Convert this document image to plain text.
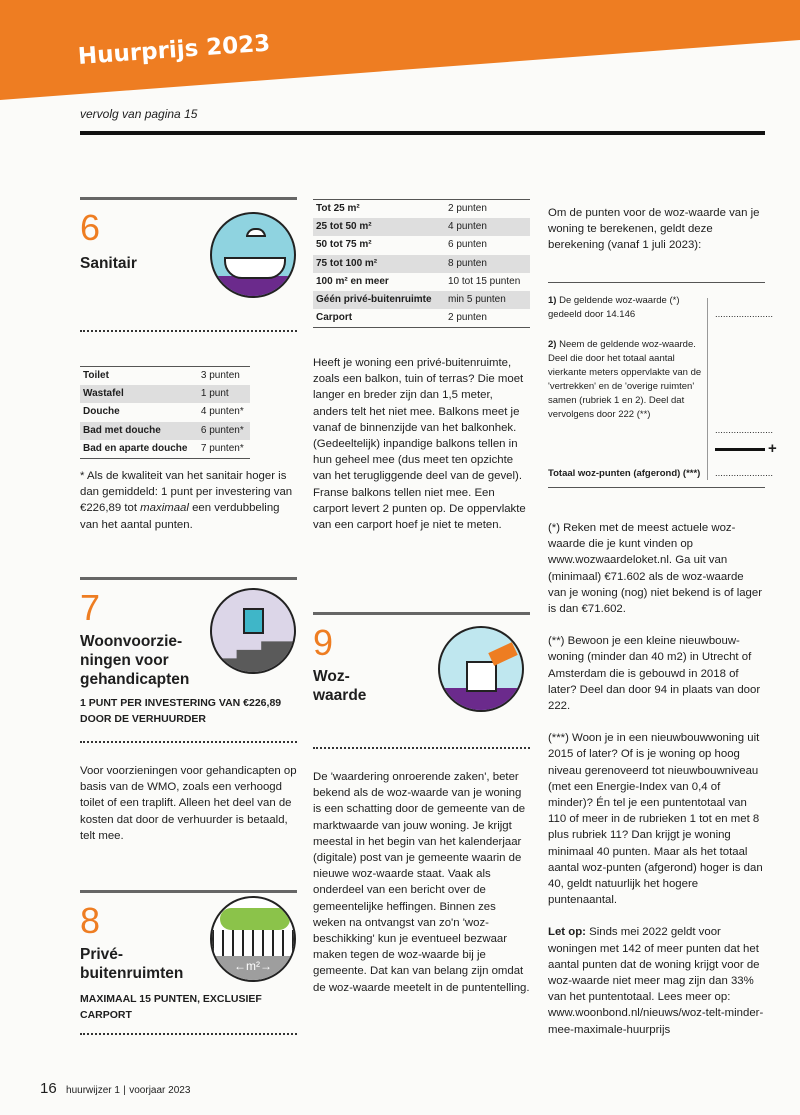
Huurprijs 2023
vervolg van pagina 15
6
Sanitair
Toilet	3 punten
Wastafel	1 punt
Douche	4 punten*
Bad met douche	6 punten*
Bad en aparte douche	7 punten*
* Als de kwaliteit van het sanitair hoger is dan gemiddeld: 1 punt per investering van €226,89 tot maximaal een verdubbeling van het aantal punten.
7
Woonvoorzie-ningen voor gehandicapten
1 PUNT PER INVESTERING VAN €226,89 DOOR DE VERHUURDER
Voor voorzieningen voor gehandicapten op basis van de WMO, zoals een verhoogd toilet of een traplift. Alleen het deel van de kosten dat door de verhuurder is betaald, telt mee.
8
Privé-buitenruimten
MAXIMAAL 15 PUNTEN, EXCLUSIEF CARPORT
←m²→
Tot 25 m²	2 punten
25 tot 50 m²	4 punten
50 tot 75 m²	6 punten
75 tot 100 m²	8 punten
100 m² en meer	10 tot 15 punten
Géén privé-buitenruimte	min 5 punten
Carport	2 punten
Heeft je woning een privé-buitenruimte, zoals een balkon, tuin of terras? Die moet langer en breder zijn dan 1,5 meter, anders telt het niet mee. Balkons meet je vanaf de binnenzijde van het balkonhek. (Gedeeltelijk) inpandige balkons tellen in hun geheel mee (dus meet ten opzichte van het terugliggende deel van de gevel). Franse balkons tellen niet mee. Een carport levert 2 punten op. De oppervlakte van een carport hoef je niet te meten.
9
Woz-waarde
De 'waardering onroerende zaken', beter bekend als de woz-waarde van je woning is een schatting door de gemeente van de marktwaarde van jouw woning. Je krijgt meestal in het begin van het kalenderjaar (digitale) post van je gemeente waarin de nieuwe woz-waarde staat. Vaak als onderdeel van een bericht over de gemeentelijke heffingen. Binnen zes weken na ontvangst van zo'n 'woz-beschikking' kun je eventueel bezwaar maken tegen de woz-waarde bij je gemeente. Dat kan van belang zijn omdat de woz-waarde meetelt in de puntentelling.
Om de punten voor de woz-waarde van je woning te berekenen, geldt deze berekening (vanaf 1 juli 2023):
1) De geldende woz-waarde (*) gedeeld door 14.146	......................
2) Neem de geldende woz-waarde. Deel die door het totaal aantal vierkante meters oppervlakte van de 'vertrekken' en de 'overige ruimten' samen (rubriek 1 en 2). Deel dat vervolgens door 222 (**)
......................
+
Totaal woz-punten (afgerond) (***)	......................
(*) Reken met de meest actuele woz-waarde die je kunt vinden op www.wozwaardeloket.nl. Ga uit van (minimaal) €71.602 als de woz-waarde van je woning (nog) niet bekend is of lager is dan €71.602.
(**) Bewoon je een kleine nieuwbouw-woning (minder dan 40 m2) in Utrecht of Amsterdam die is gebouwd in 2018 of later? Deel dan door 94 in plaats van door 222.
(***) Woon je in een nieuwbouwwoning uit 2015 of later? Of is je woning op hoog niveau gerenoveerd tot nieuwbouwniveau (met een Energie-Index van 0,4 of minder)? Én tel je een puntentotaal van 110 of meer in de rubrieken 1 tot en met 8 plus rubriek 11? Dan krijgt je woning minimaal 40 punten. Maar als het totaal aantal woz-punten (afgerond) hoger is dan 40, geldt natuurlijk het hogere puntenaantal.
Let op: Sinds mei 2022 geldt voor woningen met 142 of meer punten dat het aantal punten dat de woning krijgt voor de woz-waarde niet meer mag zijn dan 33% van het puntentotaal. Lees meer op: www.woonbond.nl/nieuws/woz-telt-minder-mee-maximale-huurprijs
16 huurwijzer 1 | voorjaar 2023
